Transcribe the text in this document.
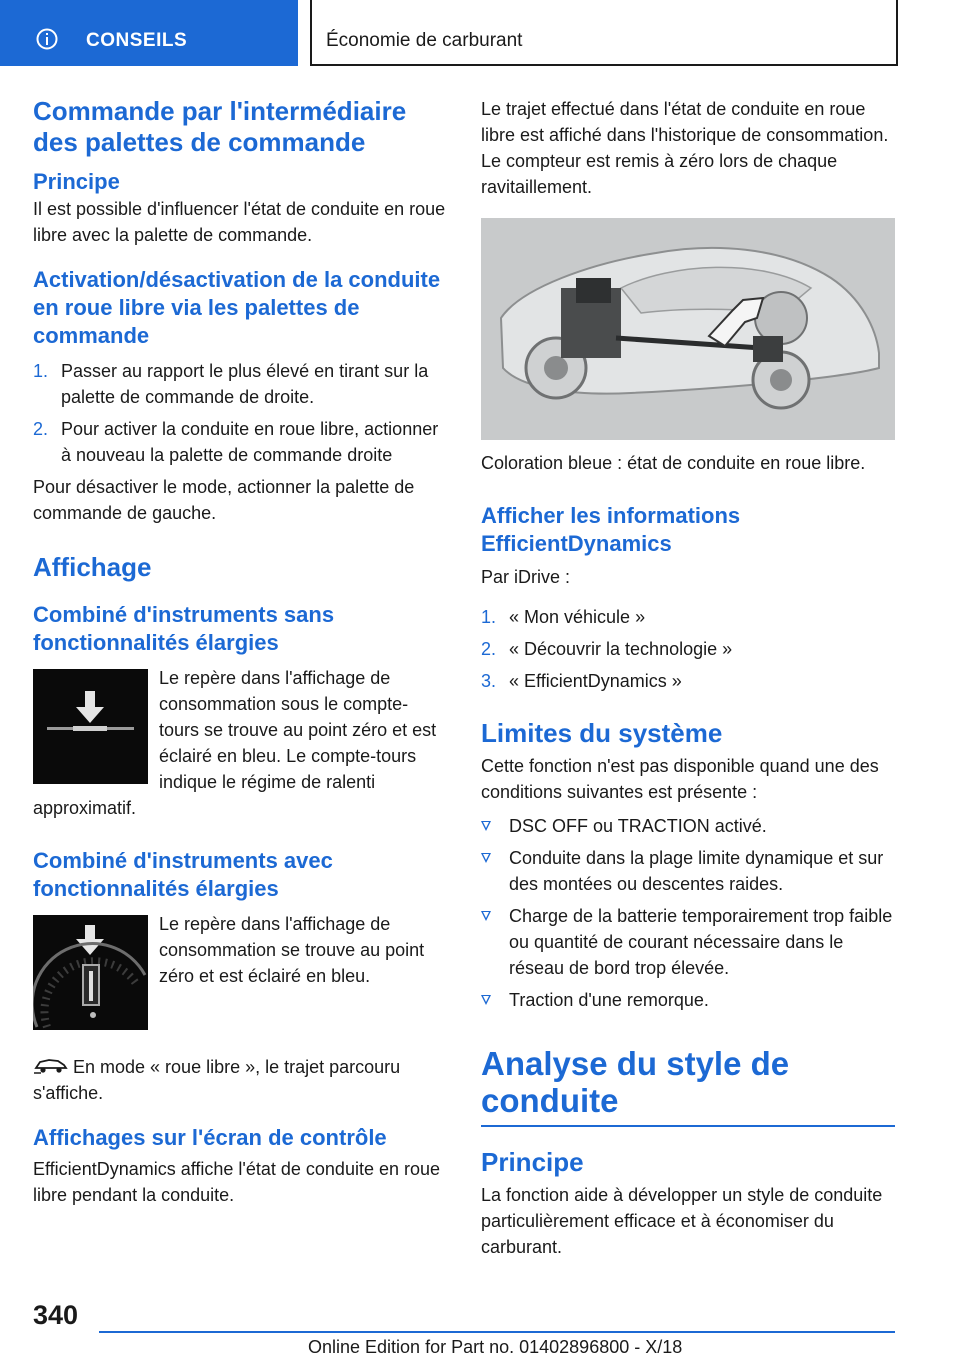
CONSEILS	Économie de carburant
Commande par l'intermédiaire des palettes de commande
Principe

Il est possible d'influencer l'état de conduite en roue libre avec la palette de commande.

Activation/désactivation de la conduite en roue libre via les palettes de commande
1. Passer au rapport le plus élevé en tirant sur la palette de commande de droite.
2. Pour activer la conduite en roue libre, actionner à nouveau la palette de commande droite

Pour désactiver le mode, actionner la palette de commande de gauche.

Affichage
Combiné d'instruments sans fonctionnalités élargies

Le repère dans l'affichage de consommation sous le compte-tours se trouve au point zéro et est éclairé en bleu. Le compte-tours indique le régime de ralenti approximatif.

Combiné d'instruments avec fonctionnalités élargies

Le repère dans l'affichage de consommation se trouve au point zéro et est éclairé en bleu.

En mode « roue libre », le trajet parcouru s'affiche.

Affichages sur l'écran de contrôle

EfficientDynamics affiche l'état de conduite en roue libre pendant la conduite.

Le trajet effectué dans l'état de conduite en roue libre est affiché dans l'historique de consommation. Le compteur est remis à zéro lors de chaque ravitaillement.

Coloration bleue : état de conduite en roue libre.

Afficher les informations EfficientDynamics

Par iDrive :

1. « Mon véhicule »
2. « Découvrir la technologie »
3. « EfficientDynamics »
Limites du système

Cette fonction n'est pas disponible quand une des conditions suivantes est présente :

DSC OFF ou TRACTION activé.
Conduite dans la plage limite dynamique et sur des montées ou descentes raides.
Charge de la batterie temporairement trop faible ou quantité de courant nécessaire dans le réseau de bord trop élevée.
Traction d'une remorque.
Analyse du style de conduite
Principe

La fonction aide à développer un style de conduite particulièrement efficace et à économiser du carburant.

340
Online Edition for Part no. 01402896800 - X/18
